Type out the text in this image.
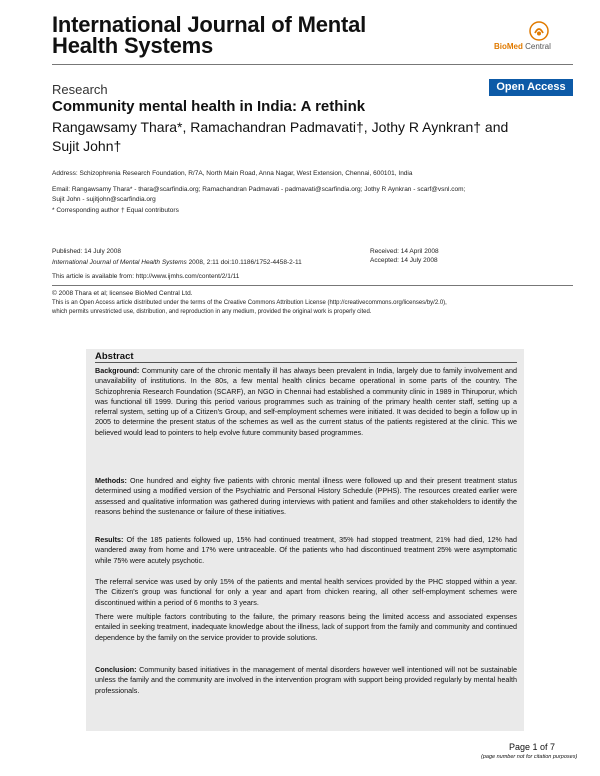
International Journal of Mental
Health Systems	BioMed Central
Research	Open Access
Community mental health in India: A rethink
Rangawsamy Thara*, Ramachandran Padmavati†, Jothy R Aynkran† and
Sujit John†
Address: Schizophrenia Research Foundation, R/7A, North Main Road, Anna Nagar, West Extension, Chennai, 600101, India
Email: Rangawsamy Thara* - thara@scarfindia.org; Ramachandran Padmavati - padmavati@scarfindia.org; Jothy R Aynkran - scarf@vsnl.com;
Sujit John - sujitjohn@scarfindia.org
* Corresponding author † Equal contributors
Published: 14 July 2008
International Journal of Mental Health Systems 2008, 2:11 doi:10.1186/1752-4458-2-11
Received: 14 April 2008
Accepted: 14 July 2008
This article is available from: http://www.ijmhs.com/content/2/1/11
© 2008 Thara et al; licensee BioMed Central Ltd.
This is an Open Access article distributed under the terms of the Creative Commons Attribution License (http://creativecommons.org/licenses/by/2.0),
which permits unrestricted use, distribution, and reproduction in any medium, provided the original work is properly cited.
Abstract
Background: Community care of the chronic mentally ill has always been prevalent in India, largely due to family involvement and unavailability of institutions. In the 80s, a few mental health clinics became operational in some parts of the country. The Schizophrenia Research Foundation (SCARF), an NGO in Chennai had established a community clinic in 1989 in Thiruporur, which was functional till 1999. During this period various programmes such as training of the primary health center staff, setting up a referral system, setting up of a Citizen's Group, and self-employment schemes were initiated. It was decided to begin a follow up in 2005 to determine the present status of the schemes as well as the current status of the patients registered at the clinic. This we believed would lead to pointers to help evolve future community based programmes.
Methods: One hundred and eighty five patients with chronic mental illness were followed up and their present treatment status determined using a modified version of the Psychiatric and Personal History Schedule (PPHS). The resources created earlier were assessed and qualitative information was gathered during interviews with patient and families and other stakeholders to identify the reasons behind the sustenance or failure of these initiatives.
Results: Of the 185 patients followed up, 15% had continued treatment, 35% had stopped treatment, 21% had died, 12% had wandered away from home and 17% were untraceable. Of the patients who had discontinued treatment 25% were asymptomatic while 75% were acutely psychotic.
The referral service was used by only 15% of the patients and mental health services provided by the PHC stopped within a year. The Citizen's group was functional for only a year and apart from chicken rearing, all other self-employment schemes were discontinued within a period of 6 months to 3 years.
There were multiple factors contributing to the failure, the primary reasons being the limited access and associated expenses entailed in seeking treatment, inadequate knowledge about the illness, lack of support from the family and community and continued dependence by the family on the service provider to provide solutions.
Conclusion: Community based initiatives in the management of mental disorders however well intentioned will not be sustainable unless the family and the community are involved in the intervention program with support being provided regularly by mental health professionals.
Page 1 of 7
(page number not for citation purposes)
